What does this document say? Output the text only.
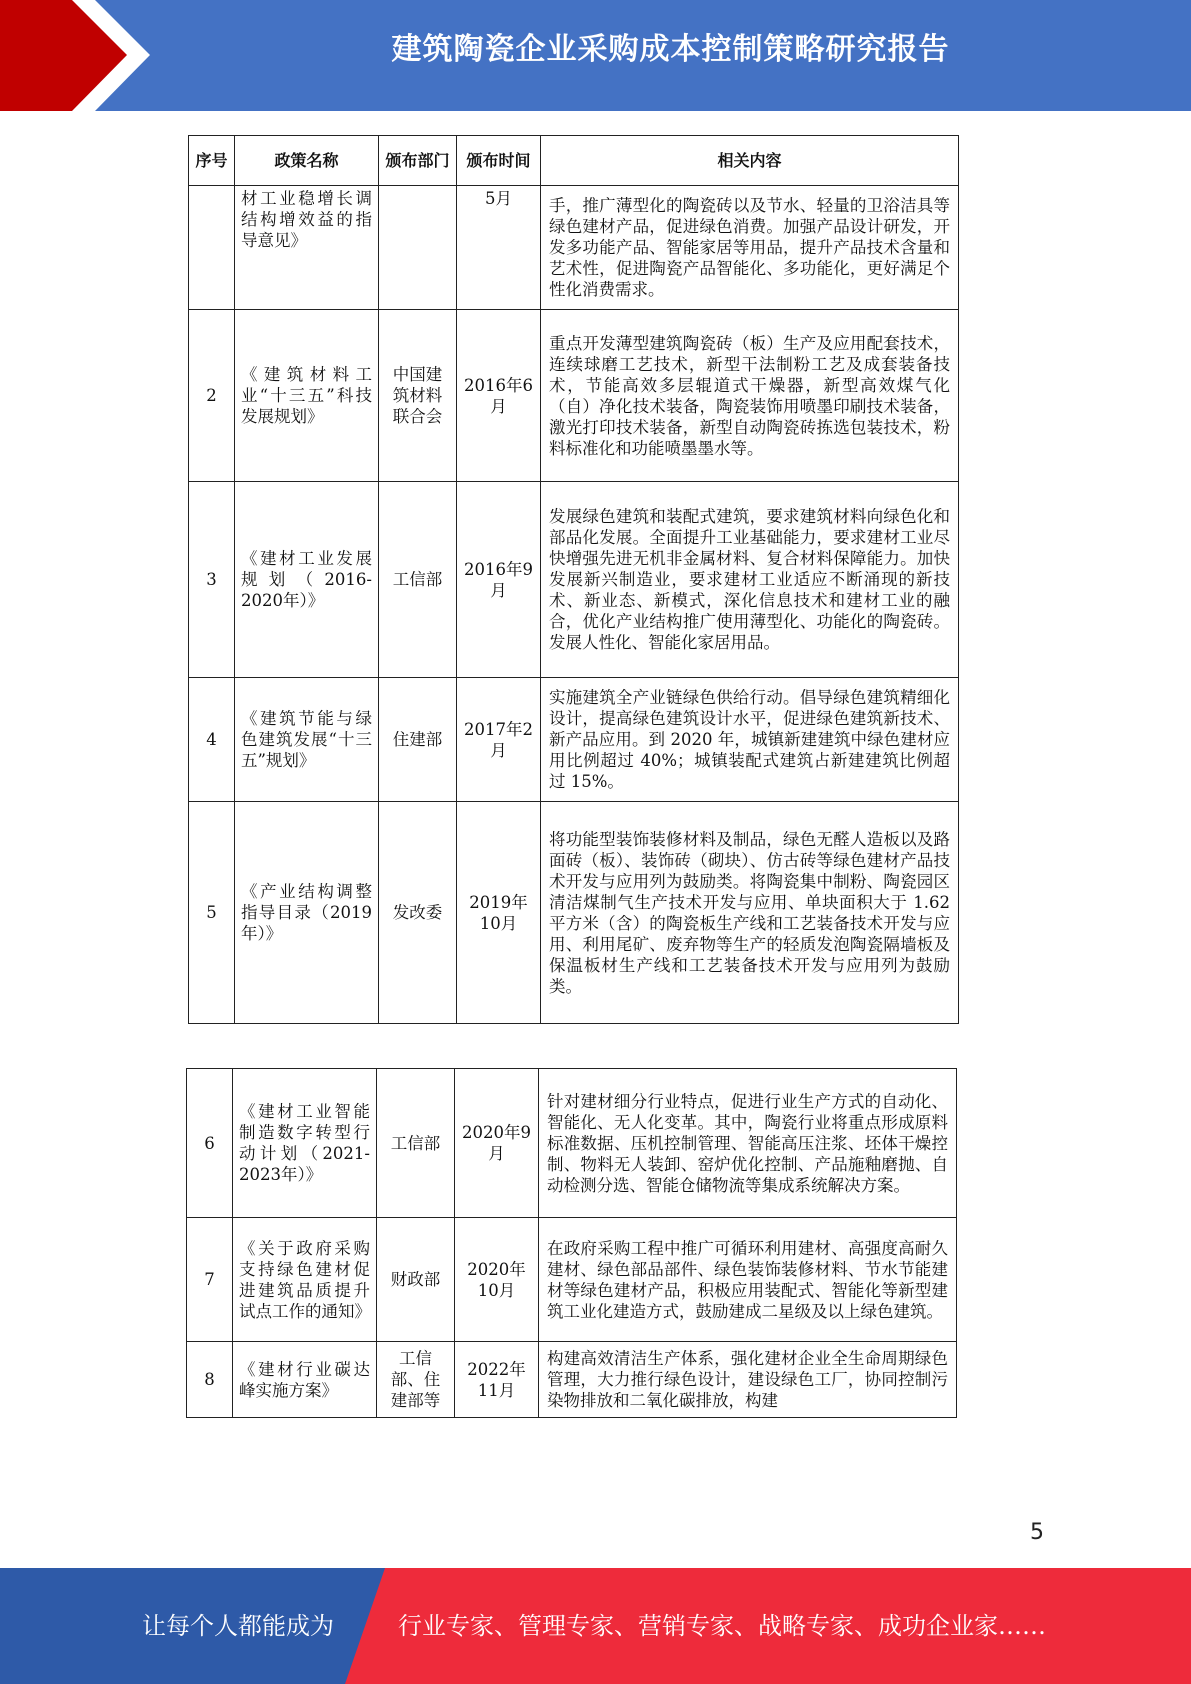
建筑陶瓷企业采购成本控制策略研究报告
序号	政策名称	颁布部门	颁布时间	相关内容
	材工业稳增长调结构增效益的指导意见》		5月	手，推广薄型化的陶瓷砖以及节水、轻量的卫浴洁具等绿色建材产品，促进绿色消费。加强产品设计研发，开发多功能产品、智能家居等用品，提升产品技术含量和艺术性，促进陶瓷产品智能化、多功能化，更好满足个性化消费需求。
2	《建筑材料工业“十三五”科技发展规划》	中国建筑材料联合会	2016年6月	重点开发薄型建筑陶瓷砖（板）生产及应用配套技术，连续球磨工艺技术，新型干法制粉工艺及成套装备技术，节能高效多层辊道式干燥器，新型高效煤气化（自）净化技术装备，陶瓷装饰用喷墨印刷技术装备，激光打印技术装备，新型自动陶瓷砖拣选包装技术，粉料标准化和功能喷墨墨水等。
3	《建材工业发展规划（2016-2020年）》	工信部	2016年9月	发展绿色建筑和装配式建筑，要求建筑材料向绿色化和部品化发展。全面提升工业基础能力，要求建材工业尽快增强先进无机非金属材料、复合材料保障能力。加快发展新兴制造业，要求建材工业适应不断涌现的新技术、新业态、新模式，深化信息技术和建材工业的融合，优化产业结构推广使用薄型化、功能化的陶瓷砖。发展人性化、智能化家居用品。
4	《建筑节能与绿色建筑发展“十三五”规划》	住建部	2017年2月	实施建筑全产业链绿色供给行动。倡导绿色建筑精细化设计，提高绿色建筑设计水平，促进绿色建筑新技术、新产品应用。到 2020 年，城镇新建建筑中绿色建材应用比例超过 40%；城镇装配式建筑占新建建筑比例超过 15%。
5	《产业结构调整指导目录（2019年）》	发改委	2019年10月	将功能型装饰装修材料及制品，绿色无醛人造板以及路面砖（板）、装饰砖（砌块）、仿古砖等绿色建材产品技术开发与应用列为鼓励类。将陶瓷集中制粉、陶瓷园区清洁煤制气生产技术开发与应用、单块面积大于 1.62 平方米（含）的陶瓷板生产线和工艺装备技术开发与应用、利用尾矿、废弃物等生产的轻质发泡陶瓷隔墙板及保温板材生产线和工艺装备技术开发与应用列为鼓励类。
6	《建材工业智能制造数字转型行动计划（2021-2023年）》	工信部	2020年9月	针对建材细分行业特点，促进行业生产方式的自动化、智能化、无人化变革。其中，陶瓷行业将重点形成原料标准数据、压机控制管理、智能高压注浆、坯体干燥控制、物料无人装卸、窑炉优化控制、产品施釉磨抛、自动检测分选、智能仓储物流等集成系统解决方案。
7	《关于政府采购支持绿色建材促进建筑品质提升试点工作的通知》	财政部	2020年10月	在政府采购工程中推广可循环利用建材、高强度高耐久建材、绿色部品部件、绿色装饰装修材料、节水节能建材等绿色建材产品，积极应用装配式、智能化等新型建筑工业化建造方式，鼓励建成二星级及以上绿色建筑。
8	《建材行业碳达峰实施方案》	工信部、住建部等	2022年11月	构建高效清洁生产体系，强化建材企业全生命周期绿色管理，大力推行绿色设计，建设绿色工厂，协同控制污染物排放和二氧化碳排放，构建
5
让每个人都能成为	行业专家、管理专家、营销专家、战略专家、成功企业家……
